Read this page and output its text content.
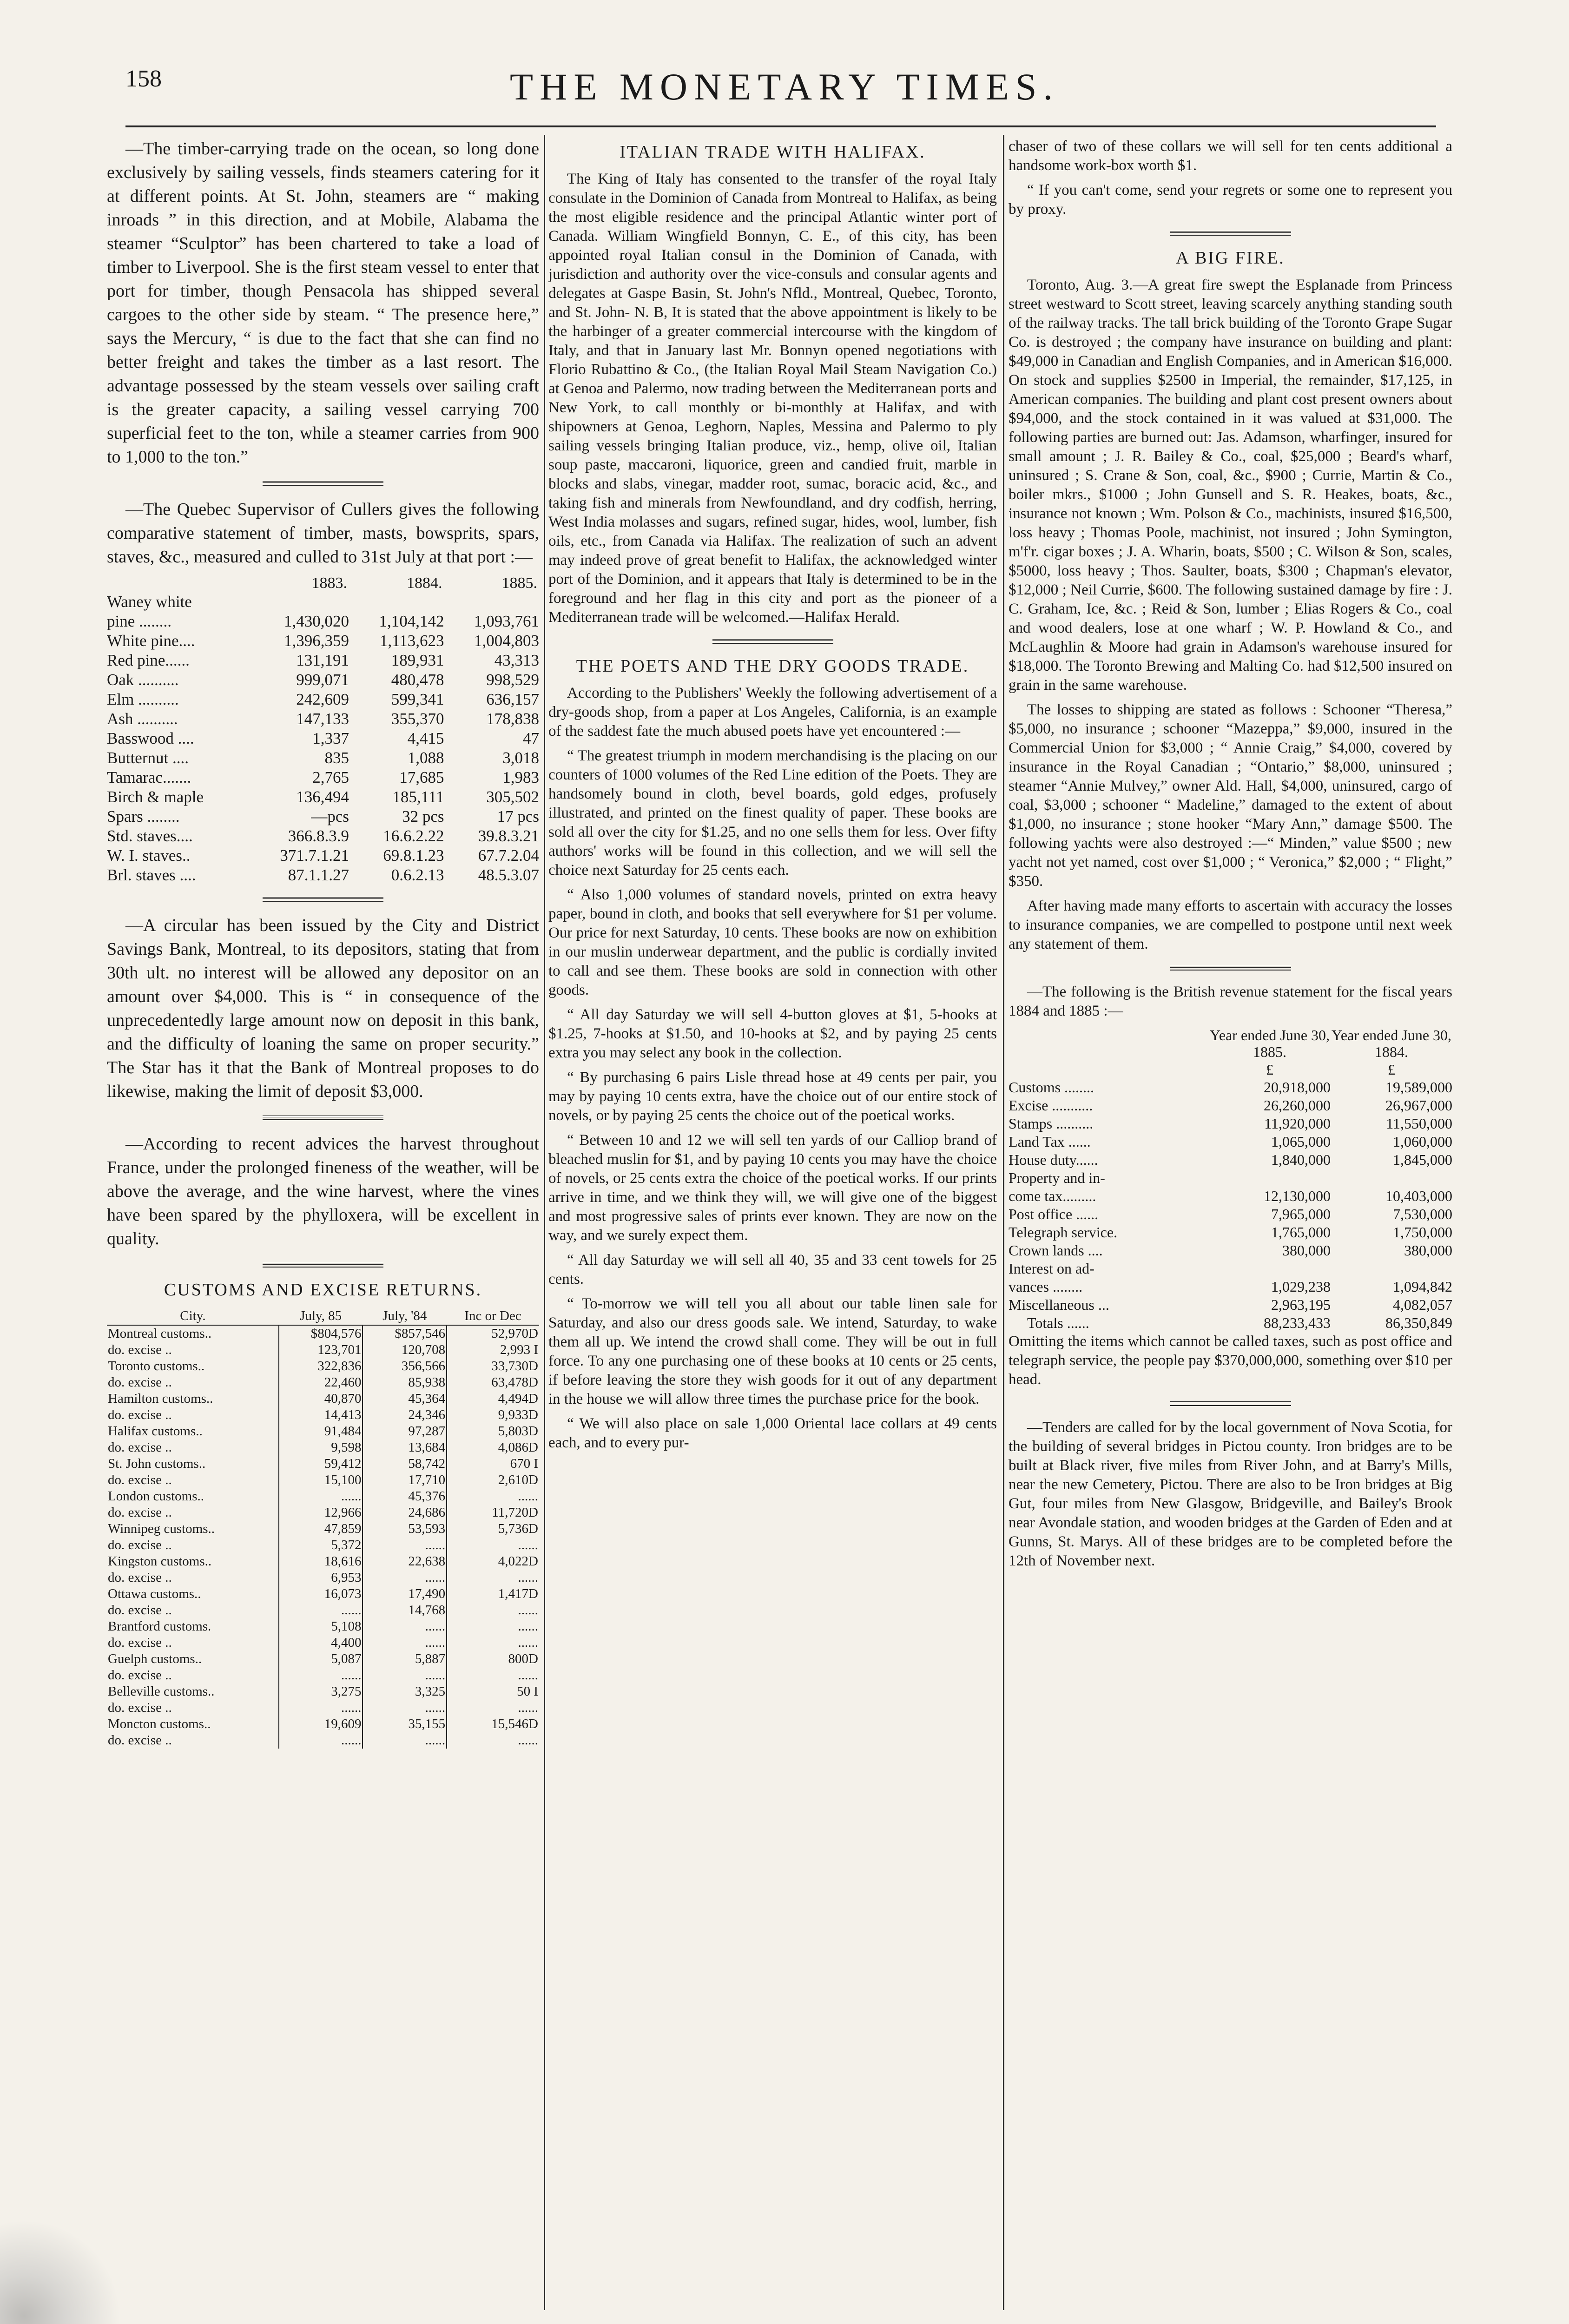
158	THE MONETARY TIMES.

—The timber-carrying trade on the ocean, so long done exclusively by sailing vessels, finds steamers catering for it at different points. At St. John, steamers are “ making inroads ” in this direction, and at Mobile, Alabama the steamer “Sculptor” has been chartered to take a load of timber to Liverpool. She is the first steam vessel to enter that port for timber, though Pensacola has shipped several cargoes to the other side by steam. “ The presence here,” says the Mercury, “ is due to the fact that she can find no better freight and takes the timber as a last resort. The advantage possessed by the steam vessels over sailing craft is the greater capacity, a sailing vessel carrying 700 superficial feet to the ton, while a steamer carries from 900 to 1,000 to the ton.”

—The Quebec Supervisor of Cullers gives the following comparative statement of timber, masts, bowsprits, spars, staves, &c., measured and culled to 31st July at that port :—

	1883.	1884.	1885.
Waney white			
pine ........	1,430,020	1,104,142	1,093,761
White pine....	1,396,359	1,113,623	1,004,803
Red pine......	131,191	189,931	43,313
Oak ..........	999,071	480,478	998,529
Elm ..........	242,609	599,341	636,157
Ash ..........	147,133	355,370	178,838
Basswood ....	1,337	4,415	47
Butternut ....	835	1,088	3,018
Tamarac.......	2,765	17,685	1,983
Birch & maple	136,494	185,111	305,502
Spars ........	—pcs	32 pcs	17 pcs
Std. staves....	366.8.3.9	16.6.2.22	39.8.3.21
W. I. staves..	371.7.1.21	69.8.1.23	67.7.2.04
Brl. staves ....	87.1.1.27	0.6.2.13	48.5.3.07

—A circular has been issued by the City and District Savings Bank, Montreal, to its depositors, stating that from 30th ult. no interest will be allowed any depositor on an amount over $4,000. This is “ in consequence of the unprecedentedly large amount now on deposit in this bank, and the difficulty of loaning the same on proper security.” The Star has it that the Bank of Montreal proposes to do likewise, making the limit of deposit $3,000.

—According to recent advices the harvest throughout France, under the prolonged fineness of the weather, will be above the average, and the wine harvest, where the vines have been spared by the phylloxera, will be excellent in quality.

CUSTOMS AND EXCISE RETURNS.
City.	July, 85	July, '84	Inc or Dec
Montreal customs..	$804,576	$857,546	52,970D
do. excise ..	123,701	120,708	2,993 I
Toronto customs..	322,836	356,566	33,730D
do. excise ..	22,460	85,938	63,478D
Hamilton customs..	40,870	45,364	4,494D
do. excise ..	14,413	24,346	9,933D
Halifax customs..	91,484	97,287	5,803D
do. excise ..	9,598	13,684	4,086D
St. John customs..	59,412	58,742	670 I
do. excise ..	15,100	17,710	2,610D
London customs..	......	45,376	......
do. excise ..	12,966	24,686	11,720D
Winnipeg customs..	47,859	53,593	5,736D
do. excise ..	5,372	......	......
Kingston customs..	18,616	22,638	4,022D
do. excise ..	6,953	......	......
Ottawa customs..	16,073	17,490	1,417D
do. excise ..	......	14,768	......
Brantford customs.	5,108	......	......
do. excise ..	4,400	......	......
Guelph customs..	5,087	5,887	800D
do. excise ..	......	......	......
Belleville customs..	3,275	3,325	50 I
do. excise ..	......	......	......
Moncton customs..	19,609	35,155	15,546D
do. excise ..	......	......	......
ITALIAN TRADE WITH HALIFAX.

The King of Italy has consented to the transfer of the royal Italy consulate in the Dominion of Canada from Montreal to Halifax, as being the most eligible residence and the principal Atlantic winter port of Canada. William Wingfield Bonnyn, C. E., of this city, has been appointed royal Italian consul in the Dominion of Canada, with jurisdiction and authority over the vice-consuls and consular agents and delegates at Gaspe Basin, St. John's Nfld., Montreal, Quebec, Toronto, and St. John- N. B, It is stated that the above appointment is likely to be the harbinger of a greater commercial intercourse with the kingdom of Italy, and that in January last Mr. Bonnyn opened negotiations with Florio Rubattino & Co., (the Italian Royal Mail Steam Navigation Co.) at Genoa and Palermo, now trading between the Mediterranean ports and New York, to call monthly or bi-monthly at Halifax, and with shipowners at Genoa, Leghorn, Naples, Messina and Palermo to ply sailing vessels bringing Italian produce, viz., hemp, olive oil, Italian soup paste, maccaroni, liquorice, green and candied fruit, marble in blocks and slabs, vinegar, madder root, sumac, boracic acid, &c., and taking fish and minerals from Newfoundland, and dry codfish, herring, West India molasses and sugars, refined sugar, hides, wool, lumber, fish oils, etc., from Canada via Halifax. The realization of such an advent may indeed prove of great benefit to Halifax, the acknowledged winter port of the Dominion, and it appears that Italy is determined to be in the foreground and her flag in this city and port as the pioneer of a Mediterranean trade will be welcomed.—Halifax Herald.

THE POETS AND THE DRY GOODS TRADE.

According to the Publishers' Weekly the following advertisement of a dry-goods shop, from a paper at Los Angeles, California, is an example of the saddest fate the much abused poets have yet encountered :—

“ The greatest triumph in modern merchandising is the placing on our counters of 1000 volumes of the Red Line edition of the Poets. They are handsomely bound in cloth, bevel boards, gold edges, profusely illustrated, and printed on the finest quality of paper. These books are sold all over the city for $1.25, and no one sells them for less. Over fifty authors' works will be found in this collection, and we will sell the choice next Saturday for 25 cents each.

“ Also 1,000 volumes of standard novels, printed on extra heavy paper, bound in cloth, and books that sell everywhere for $1 per volume. Our price for next Saturday, 10 cents. These books are now on exhibition in our muslin underwear department, and the public is cordially invited to call and see them. These books are sold in connection with other goods.

“ All day Saturday we will sell 4-button gloves at $1, 5-hooks at $1.25, 7-hooks at $1.50, and 10-hooks at $2, and by paying 25 cents extra you may select any book in the collection.

“ By purchasing 6 pairs Lisle thread hose at 49 cents per pair, you may by paying 10 cents extra, have the choice out of our entire stock of novels, or by paying 25 cents the choice out of the poetical works.

“ Between 10 and 12 we will sell ten yards of our Calliop brand of bleached muslin for $1, and by paying 10 cents you may have the choice of novels, or 25 cents extra the choice of the poetical works. If our prints arrive in time, and we think they will, we will give one of the biggest and most progressive sales of prints ever known. They are now on the way, and we surely expect them.

“ All day Saturday we will sell all 40, 35 and 33 cent towels for 25 cents.

“ To-morrow we will tell you all about our table linen sale for Saturday, and also our dress goods sale. We intend, Saturday, to wake them all up. We intend the crowd shall come. They will be out in full force. To any one purchasing one of these books at 10 cents or 25 cents, if before leaving the store they wish goods for it out of any department in the house we will allow three times the purchase price for the book.

“ We will also place on sale 1,000 Oriental lace collars at 49 cents each, and to every pur-

chaser of two of these collars we will sell for ten cents additional a handsome work-box worth $1.

“ If you can't come, send your regrets or some one to represent you by proxy.

A BIG FIRE.

Toronto, Aug. 3.—A great fire swept the Esplanade from Princess street westward to Scott street, leaving scarcely anything standing south of the railway tracks. The tall brick building of the Toronto Grape Sugar Co. is destroyed ; the company have insurance on building and plant: $49,000 in Canadian and English Companies, and in American $16,000. On stock and supplies $2500 in Imperial, the remainder, $17,125, in American companies. The building and plant cost present owners about $94,000, and the stock contained in it was valued at $31,000. The following parties are burned out: Jas. Adamson, wharfinger, insured for small amount ; J. R. Bailey & Co., coal, $25,000 ; Beard's wharf, uninsured ; S. Crane & Son, coal, &c., $900 ; Currie, Martin & Co., boiler mkrs., $1000 ; John Gunsell and S. R. Heakes, boats, &c., insurance not known ; Wm. Polson & Co., machinists, insured $16,500, loss heavy ; Thomas Poole, machinist, not insured ; John Symington, m'f'r. cigar boxes ; J. A. Wharin, boats, $500 ; C. Wilson & Son, scales, $5000, loss heavy ; Thos. Saulter, boats, $300 ; Chapman's elevator, $12,000 ; Neil Currie, $600. The following sustained damage by fire : J. C. Graham, Ice, &c. ; Reid & Son, lumber ; Elias Rogers & Co., coal and wood dealers, lose at one wharf ; W. P. Howland & Co., and McLaughlin & Moore had grain in Adamson's warehouse insured for $18,000. The Toronto Brewing and Malting Co. had $12,500 insured on grain in the same warehouse.

The losses to shipping are stated as follows : Schooner “Theresa,” $5,000, no insurance ; schooner “Mazeppa,” $9,000, insured in the Commercial Union for $3,000 ; “ Annie Craig,” $4,000, covered by insurance in the Royal Canadian ; “Ontario,” $8,000, uninsured ; steamer “Annie Mulvey,” owner Ald. Hall, $4,000, uninsured, cargo of coal, $3,000 ; schooner “ Madeline,” damaged to the extent of about $1,000, no insurance ; stone hooker “Mary Ann,” damage $500. The following yachts were also destroyed :—“ Minden,” value $500 ; new yacht not yet named, cost over $1,000 ; “ Veronica,” $2,000 ; “ Flight,” $350.

After having made many efforts to ascertain with accuracy the losses to insurance companies, we are compelled to postpone until next week any statement of them.

—The following is the British revenue statement for the fiscal years 1884 and 1885 :—

	Year ended June 30, 1885.	Year ended June 30, 1884.
	£	£
Customs ........	20,918,000	19,589,000
Excise ...........	26,260,000	26,967,000
Stamps ..........	11,920,000	11,550,000
Land Tax ......	1,065,000	1,060,000
House duty......	1,840,000	1,845,000
Property and in-		
come tax.........	12,130,000	10,403,000
Post office ......	7,965,000	7,530,000
Telegraph service.	1,765,000	1,750,000
Crown lands ....	380,000	380,000
Interest on ad-		
vances ........	1,029,238	1,094,842
Miscellaneous ...	2,963,195	4,082,057
Totals ......	88,233,433	86,350,849

Omitting the items which cannot be called taxes, such as post office and telegraph service, the people pay $370,000,000, something over $10 per head.

—Tenders are called for by the local government of Nova Scotia, for the building of several bridges in Pictou county. Iron bridges are to be built at Black river, five miles from River John, and at Barry's Mills, near the new Cemetery, Pictou. There are also to be Iron bridges at Big Gut, four miles from New Glasgow, Bridgeville, and Bailey's Brook near Avondale station, and wooden bridges at the Garden of Eden and at Gunns, St. Marys. All of these bridges are to be completed before the 12th of November next.
